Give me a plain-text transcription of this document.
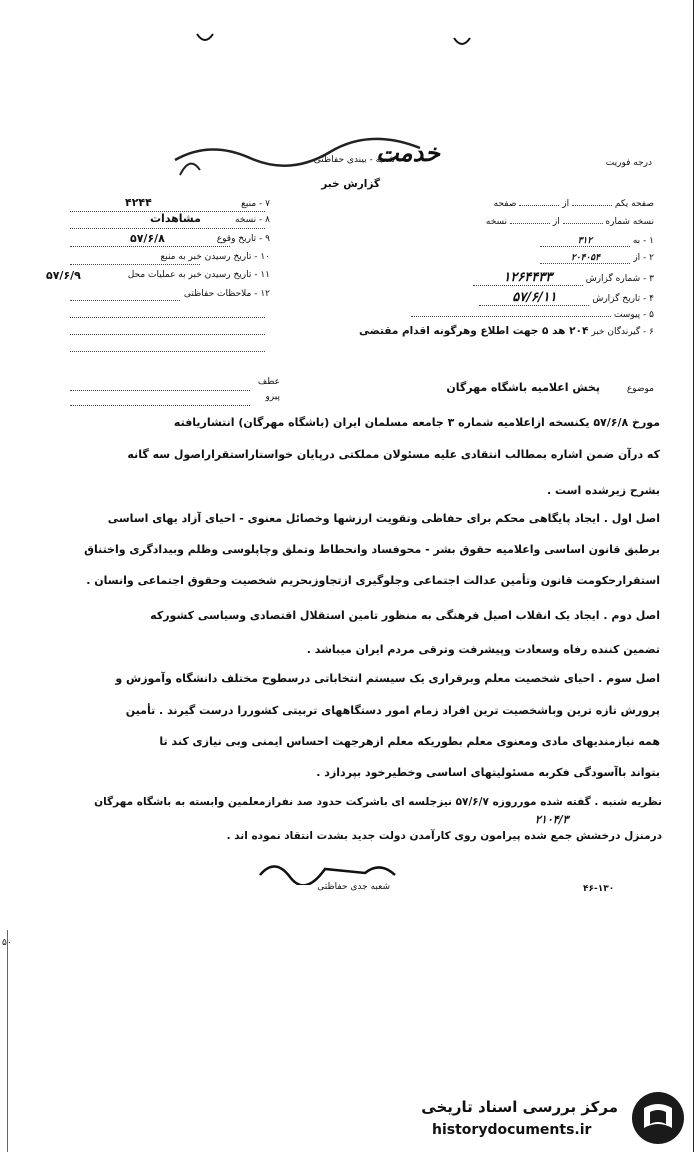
خدمت	درجه فوریت
شعبه - بیندی حفاظتی
گزارش خبر
صفحه یکم  از  صفحه
نسخه شماره  از  نسخه
۱ - به ۳۱۲
۲ - از ۲۰۴۰۵۴
۳ - شماره گزارش ۱۲۶۴۴۳۳
۴ - تاریخ گزارش ۵۷/۶/۱۱
۵ - پیوست
۶ - گیرندگان خبر ۲۰۴ هد ۵ جهت اطلاع وهرگونه اقدام مقتضی
۷ - منبع
۴۲۴۴
۸ - نسخه
مشاهدات
۹ - تاریخ وقوع
۵۷/۶/۸
۱۰ - تاریخ رسیدن خبر به منبع
۱۱ - تاریخ رسیدن خبر به عملیات محل
۵۷/۶/۹
۱۲ - ملاحظات حفاظتی
عطف
پیرو
موضوع
پخش اعلامیه باشگاه مهرگان
مورخ ۵۷/۶/۸ یکنسخه ازاعلامیه شماره ۳ جامعه مسلمان ایران (باشگاه مهرگان) انتشاریافته
که درآن ضمن اشاره بمطالب انتقادی علیه مسئولان مملکتی درپایان خواستاراستقراراصول سه گانه
بشرح زیرشده است .
اصل اول . ایجاد پایگاهی محکم برای حفاظی وتقویت ارزشها وخصائل معنوی - احیای آزاد یهای اساسی
برطبق قانون اساسی واعلامیه حقوق بشر - محوفساد وانحطاط وتملق وچاپلوسی وظلم وبیدادگری واختناق
استقرارحکومت قانون وتأمین عدالت اجتماعی وجلوگیری ازتجاوزبحریم شخصیت وحقوق اجتماعی وانسان .
اصل دوم . ایجاد یک انقلاب اصیل فرهنگی به منظور تامین استقلال اقتصادی وسیاسی کشورکه
تضمین کننده رفاه وسعادت وپیشرفت وترقی مردم ایران میباشد .
اصل سوم . احیای شخصیت معلم وبرقراری یک سیستم انتخاباتی درسطوح مختلف دانشگاه وآموزش و
پرورش تازه ترین وباشخصیت ترین افراد زمام امور دستگاههای تربیتی کشوررا درست گیرند . تأمین
همه نیازمندیهای مادی ومعنوی معلم بطوریکه معلم ازهرجهت احساس ایمنی وبی نیازی کند تا
بتواند باآسودگی فکربه مسئولیتهای اساسی وخطیرخود بپردازد .
نظریه شنبه . گفته شده مورروزه ۵۷/۶/۷ نیزجلسه ای باشرکت حدود صد نفرازمعلمین وابسته به باشگاه مهرگان
۲۱۰۴/۳
درمنزل درخشش جمع شده پیرامون روی کارآمدن دولت جدید بشدت انتقاد نموده اند .
شعبه جدی حفاظتی	۴۶-۱۳۰
۵۰
مرکز بررسی اسناد تاریخی
historydocuments.ir
